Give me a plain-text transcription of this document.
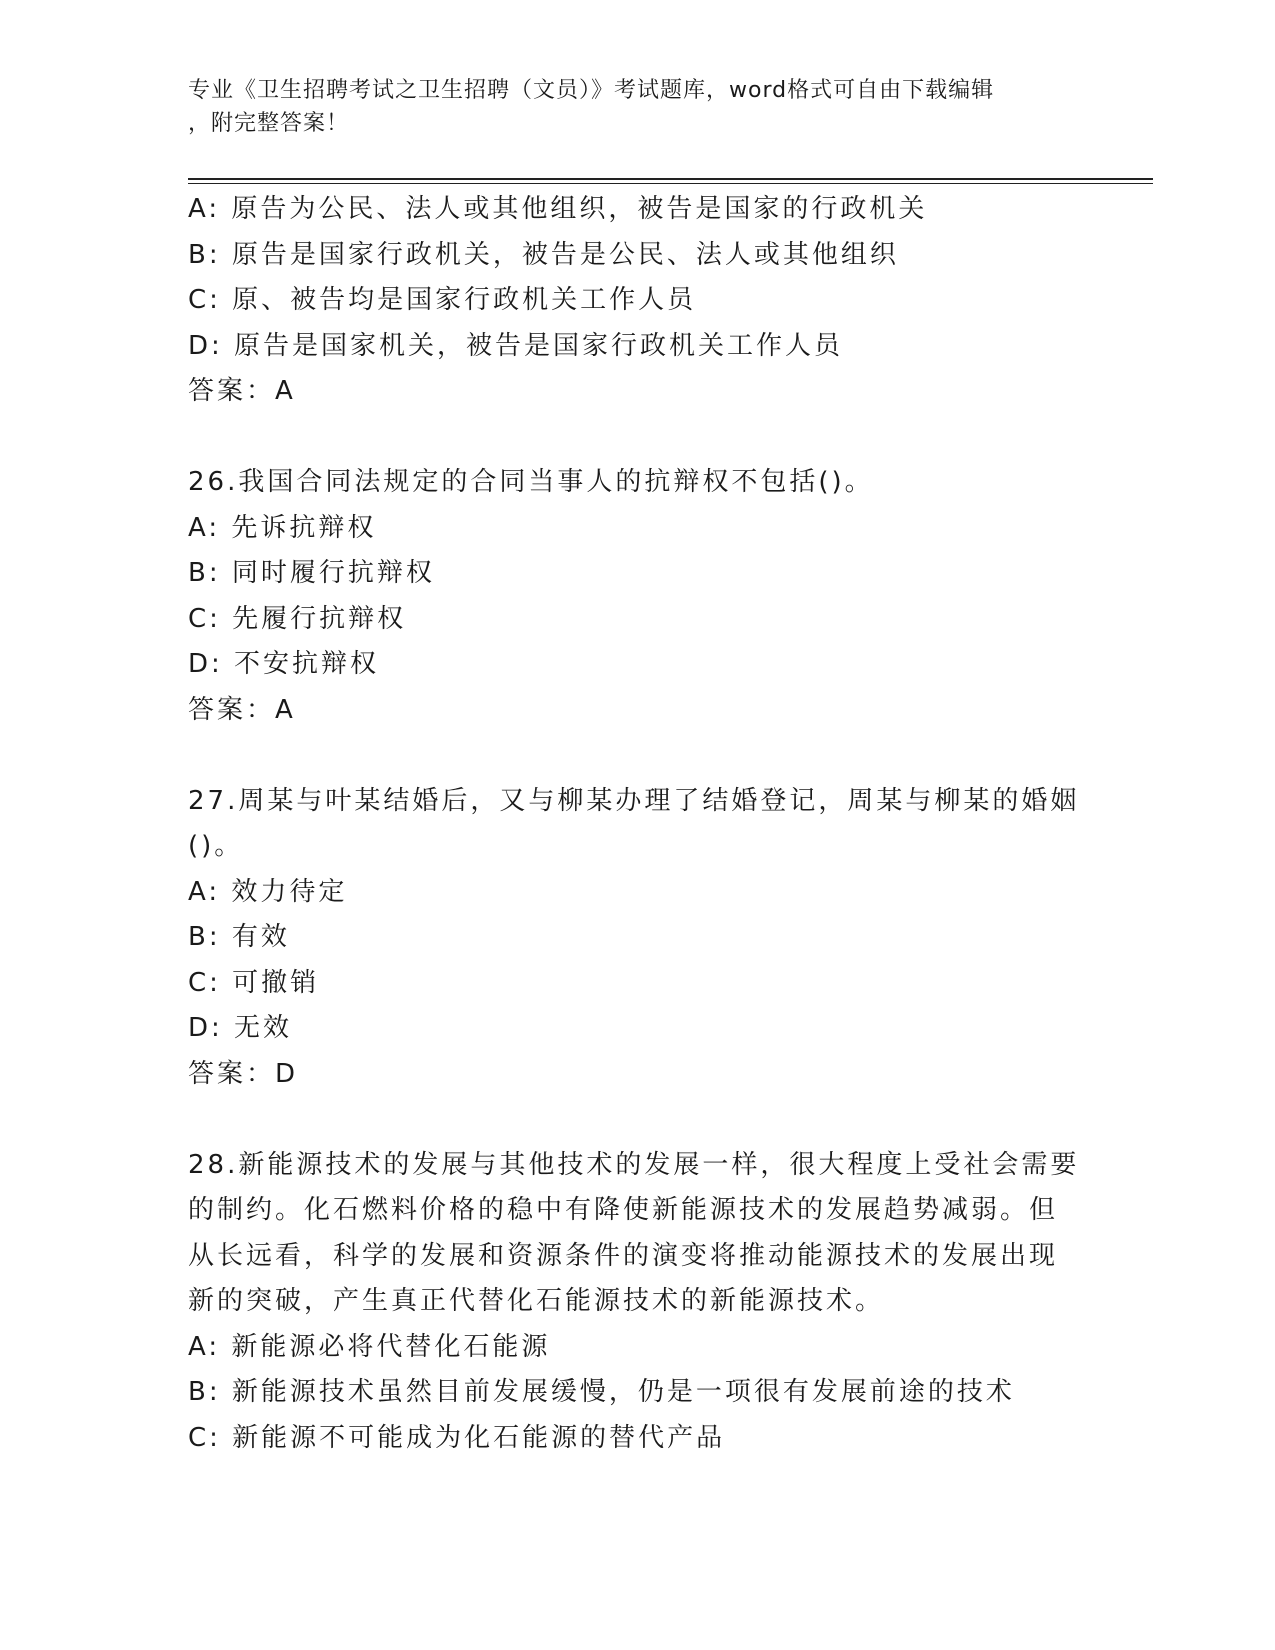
专业《卫生招聘考试之卫生招聘（文员）》考试题库，word格式可自由下载编辑
，附完整答案！
A: 原告为公民、法人或其他组织，被告是国家的行政机关
B: 原告是国家行政机关，被告是公民、法人或其他组织
C: 原、被告均是国家行政机关工作人员
D: 原告是国家机关，被告是国家行政机关工作人员
答案：A
26.我国合同法规定的合同当事人的抗辩权不包括()。
A: 先诉抗辩权
B: 同时履行抗辩权
C: 先履行抗辩权
D: 不安抗辩权
答案：A
27.周某与叶某结婚后，又与柳某办理了结婚登记，周某与柳某的婚姻
()。
A: 效力待定
B: 有效
C: 可撤销
D: 无效
答案：D
28.新能源技术的发展与其他技术的发展一样，很大程度上受社会需要
的制约。化石燃料价格的稳中有降使新能源技术的发展趋势减弱。但
从长远看，科学的发展和资源条件的演变将推动能源技术的发展出现
新的突破，产生真正代替化石能源技术的新能源技术。
A: 新能源必将代替化石能源
B: 新能源技术虽然目前发展缓慢，仍是一项很有发展前途的技术
C: 新能源不可能成为化石能源的替代产品
